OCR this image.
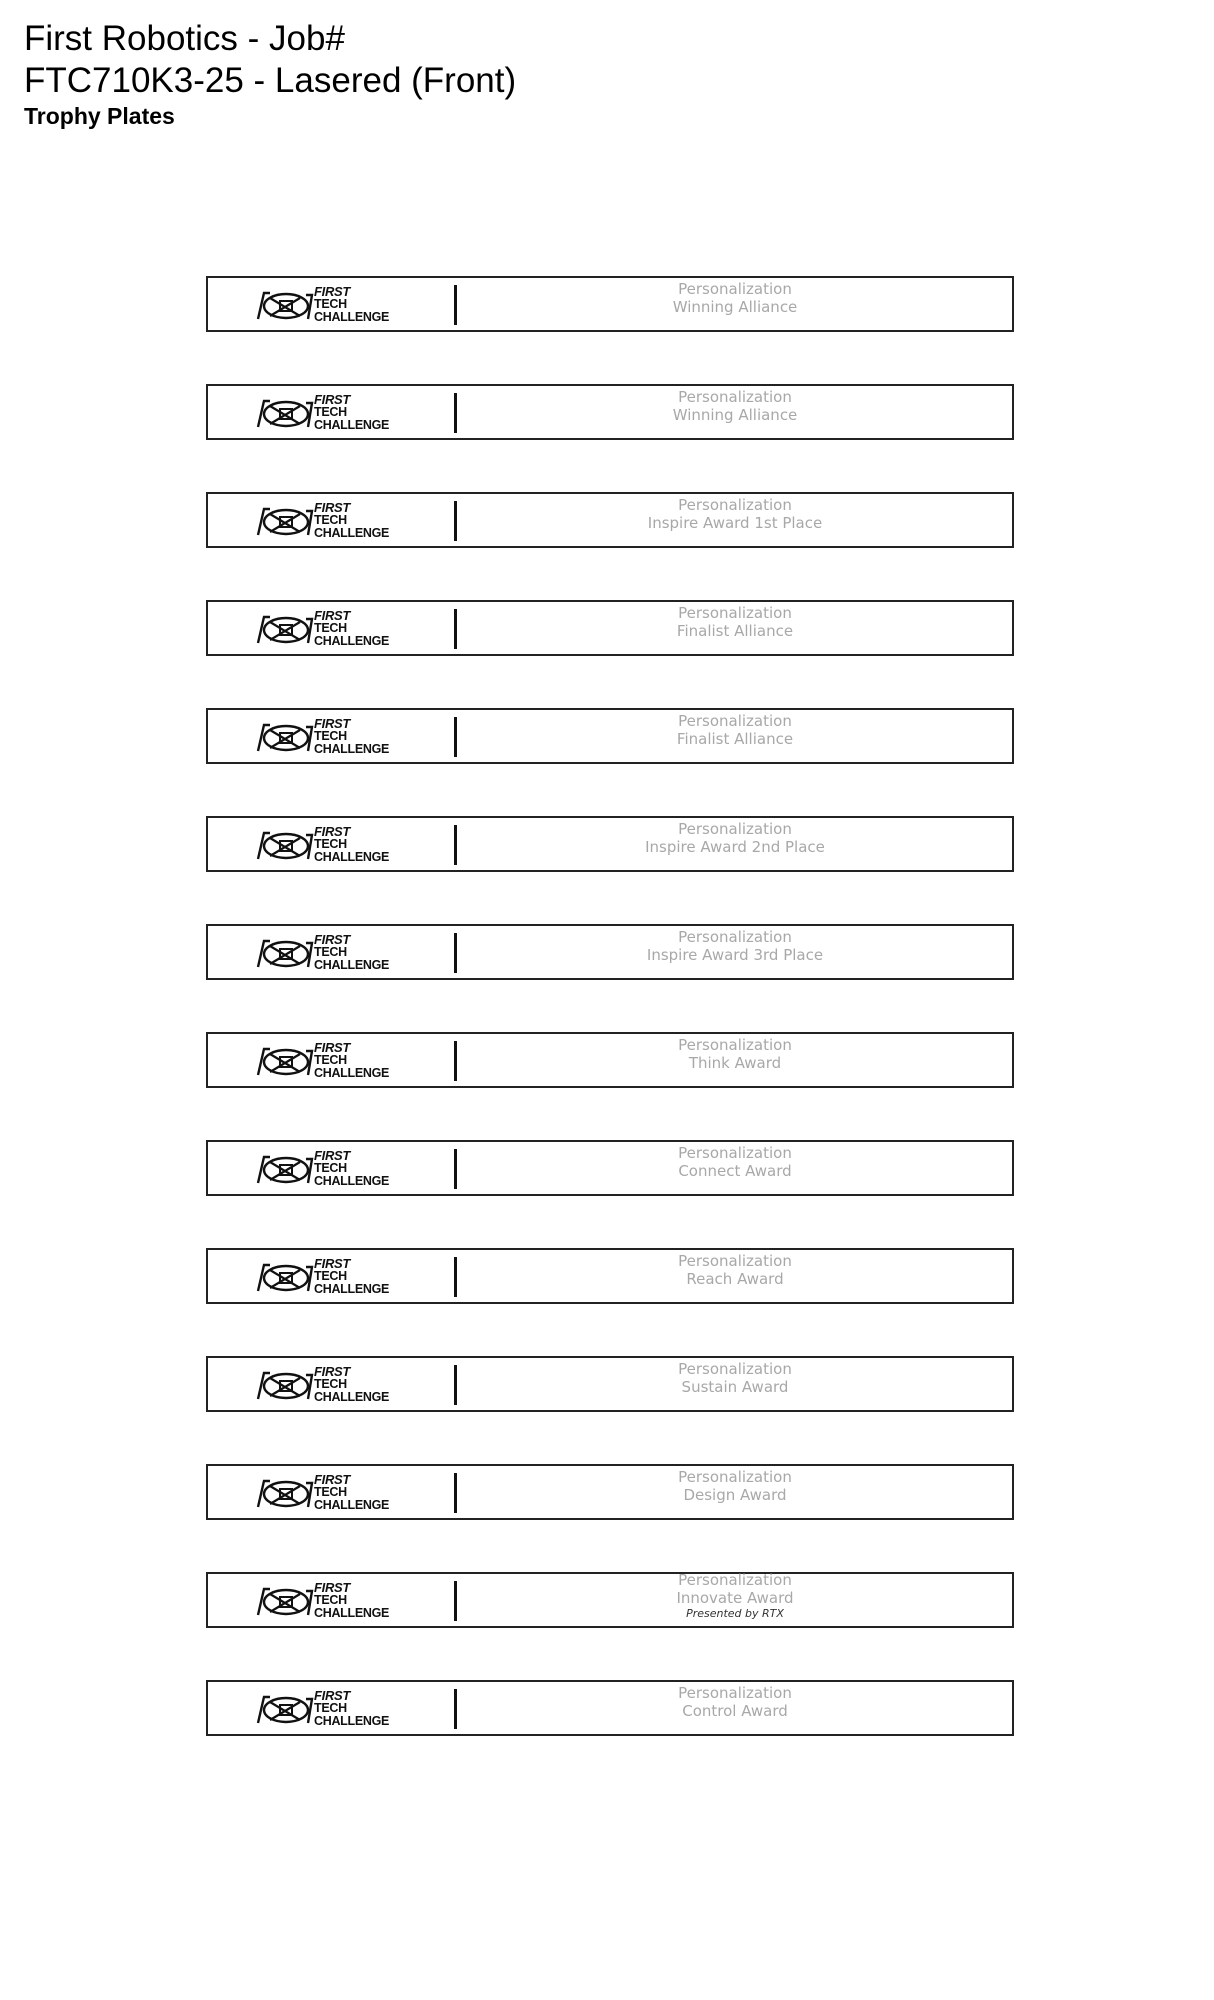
First Robotics - Job#
FTC710K3-25 - Lasered (Front)
Trophy Plates
FIRST
TECH
CHALLENGE
Personalization
Winning Alliance
FIRST
TECH
CHALLENGE
Personalization
Winning Alliance
FIRST
TECH
CHALLENGE
Personalization
Inspire Award 1st Place
FIRST
TECH
CHALLENGE
Personalization
Finalist Alliance
FIRST
TECH
CHALLENGE
Personalization
Finalist Alliance
FIRST
TECH
CHALLENGE
Personalization
Inspire Award 2nd Place
FIRST
TECH
CHALLENGE
Personalization
Inspire Award 3rd Place
FIRST
TECH
CHALLENGE
Personalization
Think Award
FIRST
TECH
CHALLENGE
Personalization
Connect Award
FIRST
TECH
CHALLENGE
Personalization
Reach Award
FIRST
TECH
CHALLENGE
Personalization
Sustain Award
FIRST
TECH
CHALLENGE
Personalization
Design Award
FIRST
TECH
CHALLENGE
Personalization
Innovate Award
Presented by RTX
FIRST
TECH
CHALLENGE
Personalization
Control Award
